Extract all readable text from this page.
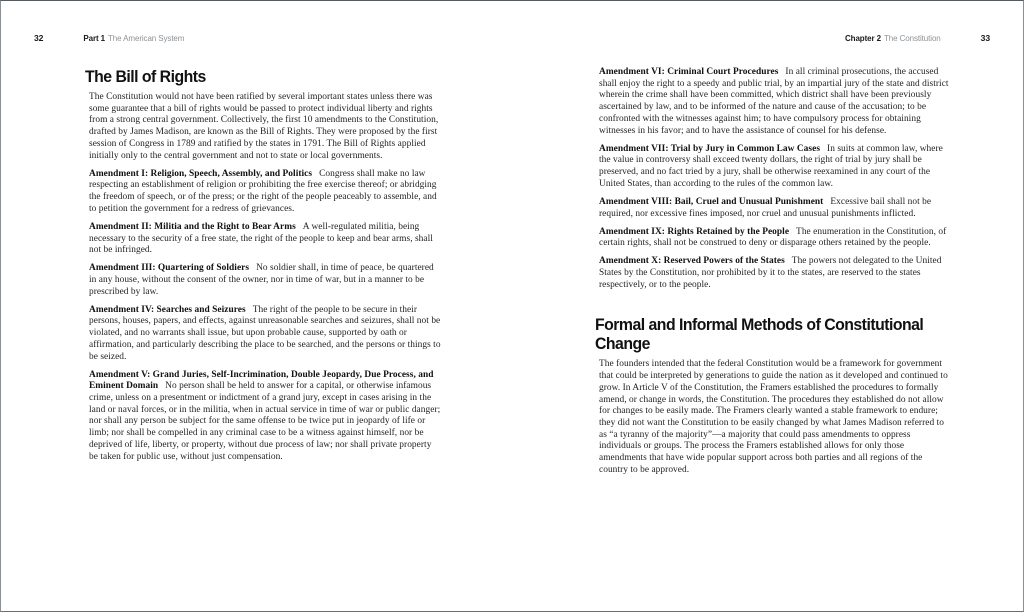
32	Part 1 The American System	Chapter 2 The Constitution	33
The Bill of Rights

The Constitution would not have been ratified by several important states unless there was some guarantee that a bill of rights would be passed to protect individual liberty and rights from a strong central government. Collectively, the first 10 amendments to the Constitution, drafted by James Madison, are known as the Bill of Rights. They were proposed by the first session of Congress in 1789 and ratified by the states in 1791. The Bill of Rights applied initially only to the central government and not to state or local governments.

Amendment I: Religion, Speech, Assembly, and Politics Congress shall make no law respecting an establishment of religion or prohibiting the free exercise thereof; or abridging the freedom of speech, or of the press; or the right of the people peaceably to assemble, and to petition the government for a redress of grievances.

Amendment II: Militia and the Right to Bear Arms A well-regulated militia, being necessary to the security of a free state, the right of the people to keep and bear arms, shall not be infringed.

Amendment III: Quartering of Soldiers No soldier shall, in time of peace, be quartered in any house, without the consent of the owner, nor in time of war, but in a manner to be prescribed by law.

Amendment IV: Searches and Seizures The right of the people to be secure in their persons, houses, papers, and effects, against unreasonable searches and seizures, shall not be violated, and no warrants shall issue, but upon probable cause, supported by oath or affirmation, and particularly describing the place to be searched, and the persons or things to be seized.

Amendment V: Grand Juries, Self-Incrimination, Double Jeopardy, Due Process, and Eminent Domain No person shall be held to answer for a capital, or otherwise infamous crime, unless on a presentment or indictment of a grand jury, except in cases arising in the land or naval forces, or in the militia, when in actual service in time of war or public danger; nor shall any person be subject for the same offense to be twice put in jeopardy of life or limb; nor shall be compelled in any criminal case to be a witness against himself, nor be deprived of life, liberty, or property, without due process of law; nor shall private property be taken for public use, without just compensation.

Amendment VI: Criminal Court Procedures In all criminal prosecutions, the accused shall enjoy the right to a speedy and public trial, by an impartial jury of the state and district wherein the crime shall have been committed, which district shall have been previously ascertained by law, and to be informed of the nature and cause of the accusation; to be confronted with the witnesses against him; to have compulsory process for obtaining witnesses in his favor; and to have the assistance of counsel for his defense.

Amendment VII: Trial by Jury in Common Law Cases In suits at common law, where the value in controversy shall exceed twenty dollars, the right of trial by jury shall be preserved, and no fact tried by a jury, shall be otherwise reexamined in any court of the United States, than according to the rules of the common law.

Amendment VIII: Bail, Cruel and Unusual Punishment Excessive bail shall not be required, nor excessive fines imposed, nor cruel and unusual punishments inflicted.

Amendment IX: Rights Retained by the People The enumeration in the Constitution, of certain rights, shall not be construed to deny or disparage others retained by the people.

Amendment X: Reserved Powers of the States The powers not delegated to the United States by the Constitution, nor prohibited by it to the states, are reserved to the states respectively, or to the people.

Formal and Informal Methods of Constitutional Change

The founders intended that the federal Constitution would be a framework for government that could be interpreted by generations to guide the nation as it developed and continued to grow. In Article V of the Constitution, the Framers established the procedures to formally amend, or change in words, the Constitution. The procedures they established do not allow for changes to be easily made. The Framers clearly wanted a stable framework to endure; they did not want the Constitution to be easily changed by what James Madison referred to as “a tyranny of the majority”—a majority that could pass amendments to oppress individuals or groups. The process the Framers established allows for only those amendments that have wide popular support across both parties and all regions of the country to be approved.
